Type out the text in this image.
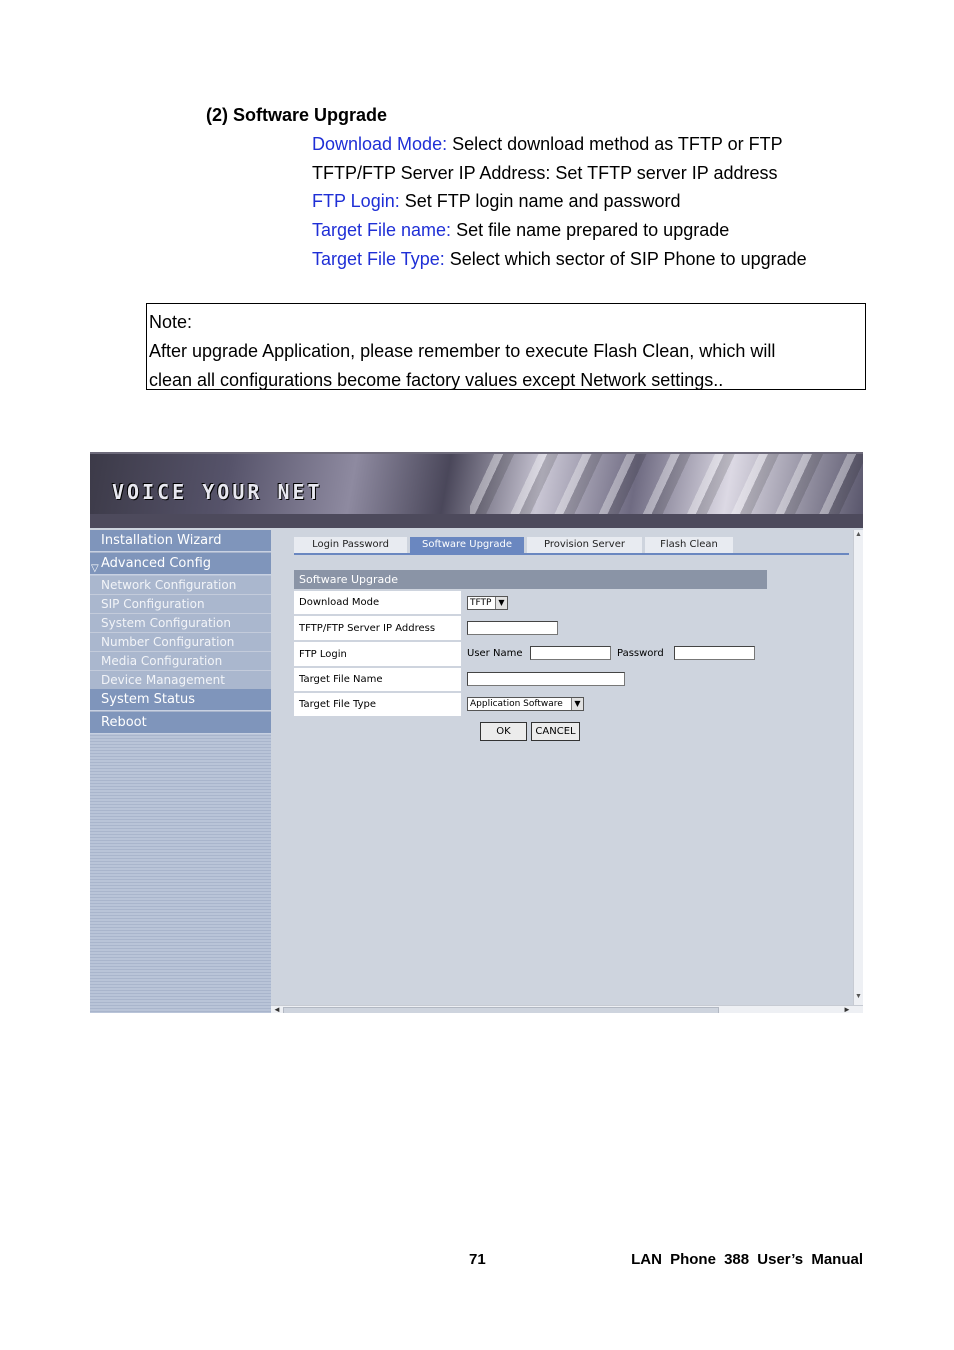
(2) Software Upgrade
Download Mode: Select download method as TFTP or FTP
TFTP/FTP Server IP Address: Set TFTP server IP address
FTP Login: Set FTP login name and password
Target File name: Set file name prepared to upgrade
Target File Type: Select which sector of SIP Phone to upgrade
Note:
After upgrade Application, please remember to execute Flash Clean, which will
clean all configurations become factory values except Network settings..
VOICE YOUR NET
Installation Wizard
▽ Advanced Config
Network Configuration
SIP Configuration
System Configuration
Number Configuration
Media Configuration
Device Management
System Status
Reboot
Login Password	Software Upgrade	Provision Server	Flash Clean
Software Upgrade
Download Mode	TFTP ▼
TFTP/FTP Server IP Address
FTP Login	User Name	Password
Target File Name
Target File Type	Application Software	▼
OK	CANCEL
▲
▼
◄	►
71	LAN Phone 388 User’s Manual
